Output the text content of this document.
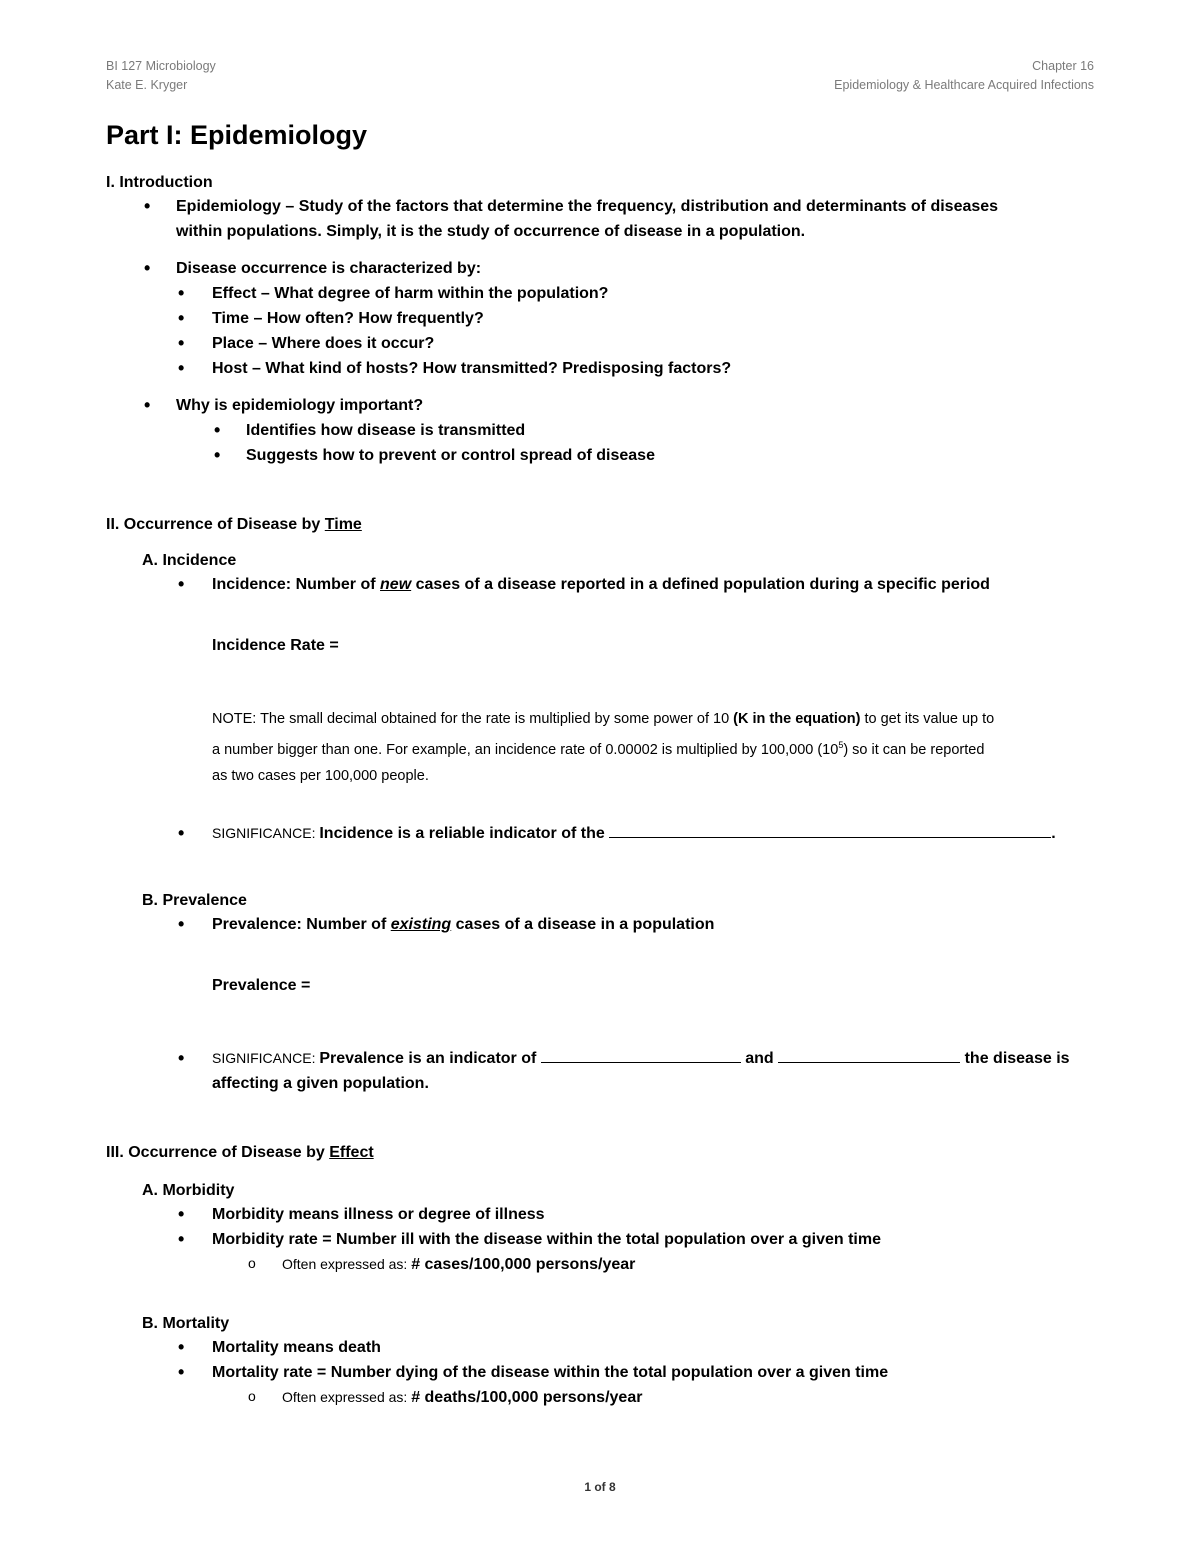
BI 127 Microbiology
Kate E. Kryger
Chapter 16
Epidemiology & Healthcare Acquired Infections
Part I: Epidemiology
I. Introduction
• Epidemiology – Study of the factors that determine the frequency, distribution and determinants of diseases
within populations. Simply, it is the study of occurrence of disease in a population.
• Disease occurrence is characterized by:
• Effect – What degree of harm within the population?
• Time – How often? How frequently?
• Place – Where does it occur?
• Host – What kind of hosts? How transmitted? Predisposing factors?
• Why is epidemiology important?
• Identifies how disease is transmitted
• Suggests how to prevent or control spread of disease
II. Occurrence of Disease by Time
A. Incidence
• Incidence: Number of new cases of a disease reported in a defined population during a specific period
Incidence Rate =
NOTE: The small decimal obtained for the rate is multiplied by some power of 10 (K in the equation) to get its value up to
a number bigger than one. For example, an incidence rate of 0.00002 is multiplied by 100,000 $(10^5)$ so it can be reported
as two cases per 100,000 people.
• SIGNIFICANCE: Incidence is a reliable indicator of the	.
B. Prevalence
• Prevalence: Number of existing cases of a disease in a population
Prevalence =
• SIGNIFICANCE: Prevalence is an indicator of	and	the disease is
affecting a given population.
III. Occurrence of Disease by Effect
A. Morbidity
• Morbidity means illness or degree of illness
• Morbidity rate = Number ill with the disease within the total population over a given time
o Often expressed as: # cases/100,000 persons/year
B. Mortality
• Mortality means death
• Mortality rate = Number dying of the disease within the total population over a given time
o Often expressed as: # deaths/100,000 persons/year
1 of 8
